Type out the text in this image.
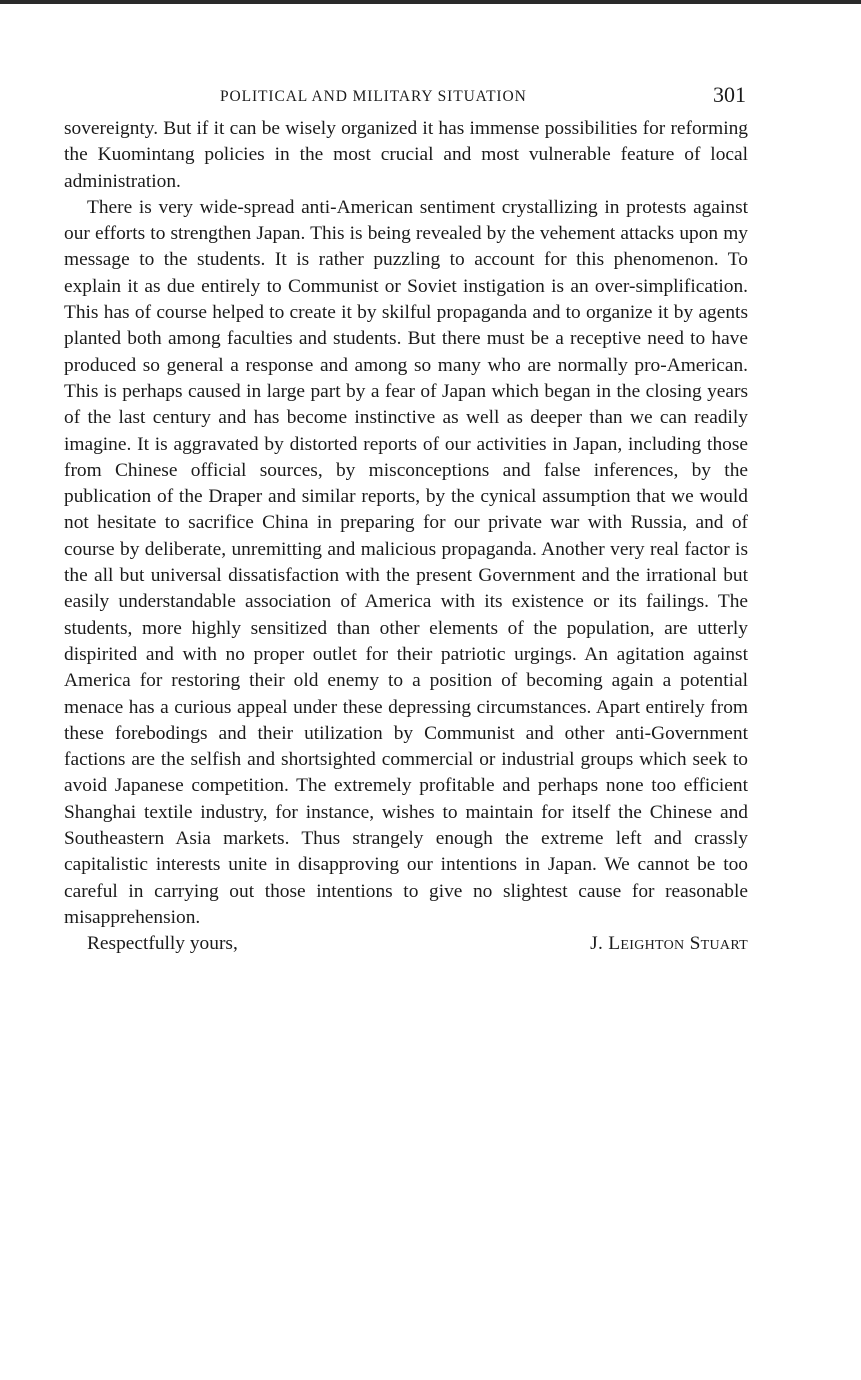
POLITICAL AND MILITARY SITUATION	301

sovereignty. But if it can be wisely organized it has immense possibilities for reforming the Kuomintang policies in the most crucial and most vulnerable feature of local administration.

There is very wide-spread anti-American sentiment crystallizing in protests against our efforts to strengthen Japan. This is being revealed by the vehement attacks upon my message to the students. It is rather puzzling to account for this phenomenon. To explain it as due entirely to Communist or Soviet instigation is an over-simplification. This has of course helped to create it by skilful propaganda and to organize it by agents planted both among faculties and students. But there must be a receptive need to have produced so general a response and among so many who are normally pro-American. This is perhaps caused in large part by a fear of Japan which began in the closing years of the last century and has become instinctive as well as deeper than we can readily imagine. It is aggravated by distorted reports of our activities in Japan, including those from Chinese official sources, by misconceptions and false inferences, by the publication of the Draper and similar reports, by the cynical assumption that we would not hesitate to sacrifice China in preparing for our private war with Russia, and of course by deliberate, unremitting and malicious propaganda. Another very real factor is the all but universal dissatisfaction with the present Government and the irrational but easily understandable association of America with its existence or its failings. The students, more highly sensitized than other elements of the population, are utterly dispirited and with no proper outlet for their patriotic urgings. An agitation against America for restoring their old enemy to a position of becoming again a potential menace has a curious appeal under these depressing circumstances. Apart entirely from these forebodings and their utilization by Communist and other anti-Government factions are the selfish and shortsighted commercial or industrial groups which seek to avoid Japanese competition. The extremely profitable and perhaps none too efficient Shanghai textile industry, for instance, wishes to maintain for itself the Chinese and Southeastern Asia markets. Thus strangely enough the extreme left and crassly capitalistic interests unite in disapproving our intentions in Japan. We cannot be too careful in carrying out those intentions to give no slightest cause for reasonable misapprehension.

Respectfully yours,	J. Leighton Stuart
